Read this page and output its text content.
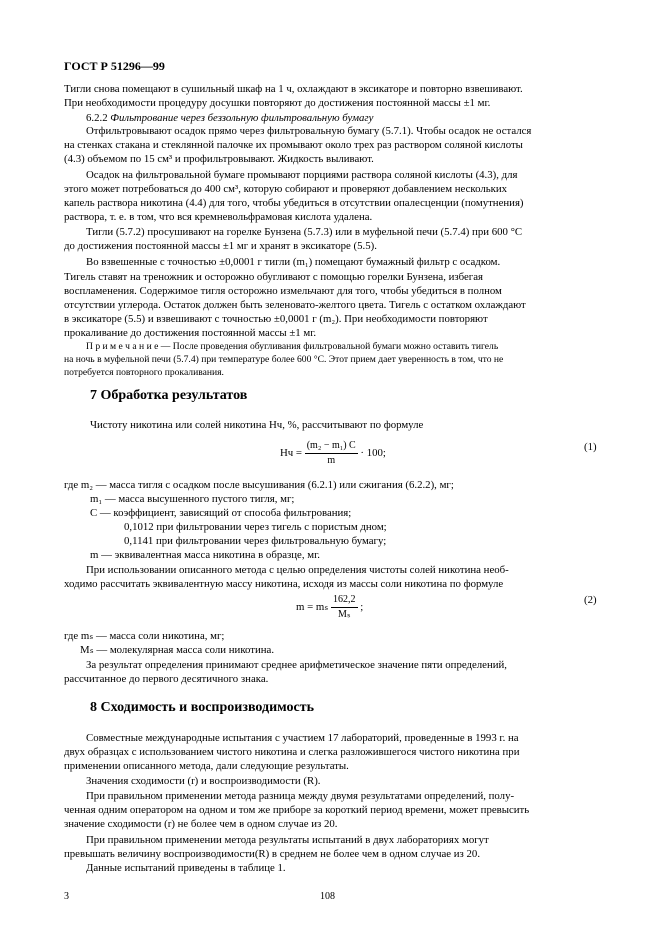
ГОСТ Р 51296—99
Тигли снова помещают в сушильный шкаф на 1 ч, охлаждают в эксикаторе и повторно взвешивают.
При необходимости процедуру досушки повторяют до достижения постоянной массы ±1 мг.
6.2.2 Фильтрование через беззольную фильтровальную бумагу
Отфильтровывают осадок прямо через фильтровальную бумагу (5.7.1). Чтобы осадок не остался
на стенках стакана и стеклянной палочке их промывают около трех раз раствором соляной кислоты
(4.3) объемом по 15 см³ и профильтровывают. Жидкость выливают.
Осадок на фильтровальной бумаге промывают порциями раствора соляной кислоты (4.3), для
этого может потребоваться до 400 см³, которую собирают и проверяют добавлением нескольких
капель раствора никотина (4.4) для того, чтобы убедиться в отсутствии опалесценции (помутнения)
раствора, т. е. в том, что вся кремневольфрамовая кислота удалена.
Тигли (5.7.2) просушивают на горелке Бунзена (5.7.3) или в муфельной печи (5.7.4) при 600 °С
до достижения постоянной массы ±1 мг и хранят в эксикаторе (5.5).
Во взвешенные с точностью ±0,0001 г тигли (m₁) помещают бумажный фильтр с осадком.
Тигель ставят на треножник и осторожно обугливают с помощью горелки Бунзена, избегая
воспламенения. Содержимое тигля осторожно измельчают для того, чтобы убедиться в полном
отсутствии углерода. Остаток должен быть зеленовато-желтого цвета. Тигель с остатком охлаждают
в эксикаторе (5.5) и взвешивают с точностью ±0,0001 г (m₂). При необходимости повторяют
прокаливание до достижения постоянной массы ±1 мг.
П р и м е ч а н и е — После проведения обугливания фильтровальной бумаги можно оставить тигель
на ночь в муфельной печи (5.7.4) при температуре более 600 °С. Этот прием дает уверенность в том, что не
потребуется повторного прокаливания.
7 Обработка результатов
Чистоту никотина или солей никотина Hч, %, рассчитывают по формуле
Hч = $\frac{\text{(m₂ − m₁) C}}{m} \cdot 100$;	(1)
где m₂ — масса тигля с осадком после высушивания (6.2.1) или сжигания (6.2.2), мг;
m₁ — масса высушенного пустого тигля, мг;
C — коэффициент, зависящий от способа фильтрования;
0,1012 при фильтровании через тигель с пористым дном;
0,1141 при фильтровании через фильтровальную бумагу;
m — эквивалентная масса никотина в образце, мг.
При использовании описанного метода с целью определения чистоты солей никотина необ-
ходимо рассчитать эквивалентную массу никотина, исходя из массы соли никотина по формуле
m = mₛ $\frac{162,2}{\text{Mₛ}}$ ;
(2)
где mₛ — масса соли никотина, мг;
Mₛ — молекулярная масса соли никотина.
За результат определения принимают среднее арифметическое значение пяти определений,
рассчитанное до первого десятичного знака.
8 Сходимость и воспроизводимость
Совместные международные испытания с участием 17 лабораторий, проведенные в 1993 г. на
двух образцах с использованием чистого никотина и слегка разложившегося чистого никотина при
применении описанного метода, дали следующие результаты.
Значения сходимости (r) и воспроизводимости (R).
При правильном применении метода разница между двумя результатами определений, полу-
ченная одним оператором на одном и том же приборе за короткий период времени, может превысить
значение сходимости (r) не более чем в одном случае из 20.
При правильном применении метода результаты испытаний в двух лабораториях могут
превышать величину воспроизводимости(R) в среднем не более чем в одном случае из 20.
Данные испытаний приведены в таблице 1.
3	108
